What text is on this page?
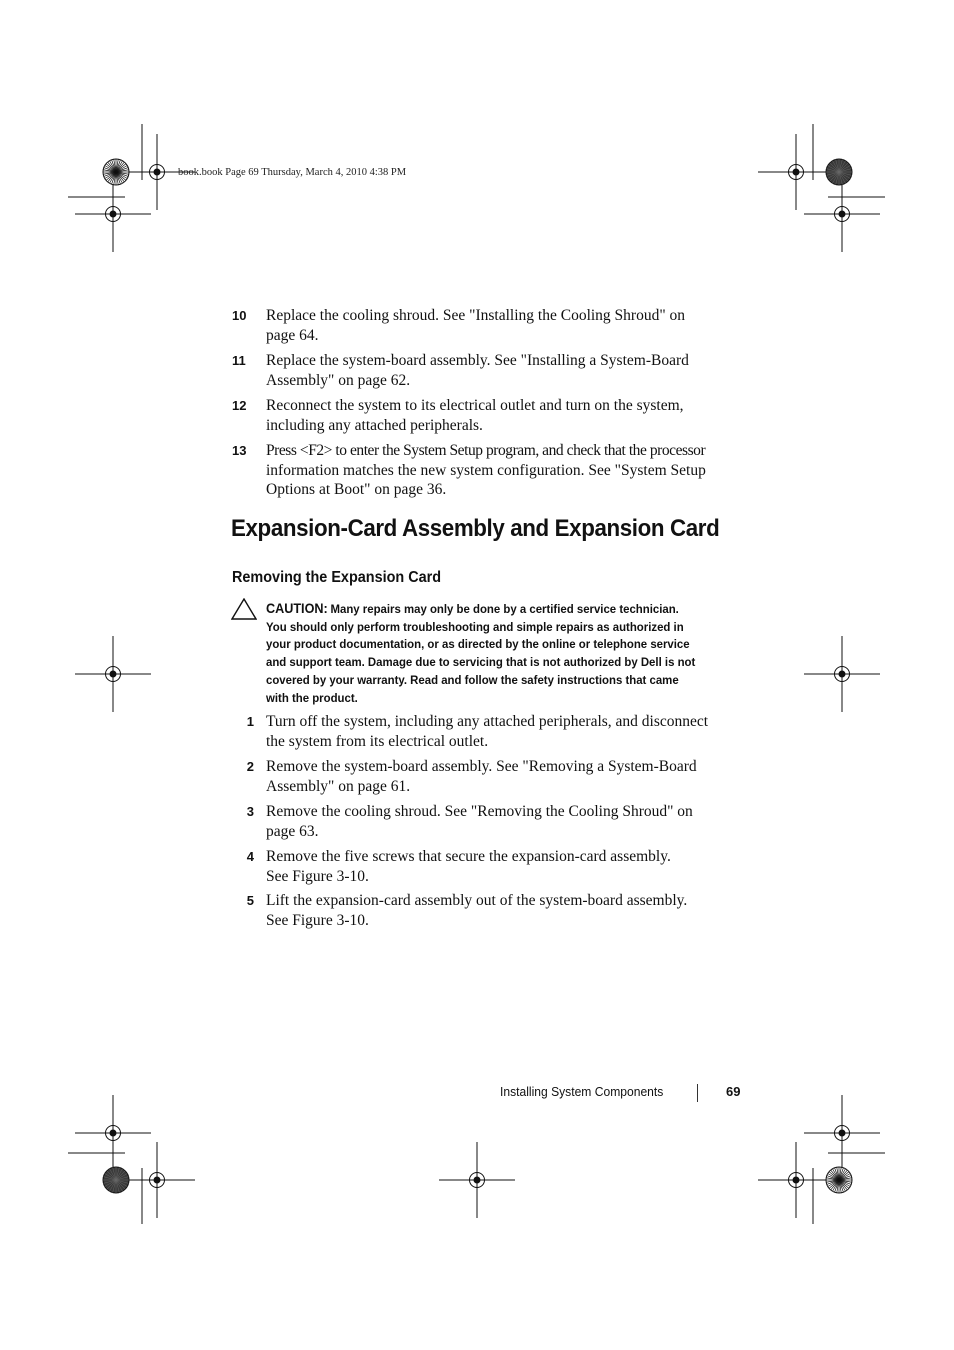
book.book Page 69 Thursday, March 4, 2010 4:38 PM
10 Replace the cooling shroud. See "Installing the Cooling Shroud" on
page 64.
11	Replace the system-board assembly. See "Installing a System-Board
Assembly" on page 62.
12 Reconnect the system to its electrical outlet and turn on the system,
including any attached peripherals.
13 Press <F2> to enter the System Setup program, and check that the processor
information matches the new system configuration. See "System Setup
Options at Boot" on page 36.
Expansion-Card Assembly and Expansion Card
Removing the Expansion Card
CAUTION: Many repairs may only be done by a certified service technician.
You should only perform troubleshooting and simple repairs as authorized in
your product documentation, or as directed by the online or telephone service
and support team. Damage due to servicing that is not authorized by Dell is not
covered by your warranty. Read and follow the safety instructions that came
with the product.
1 Turn off the system, including any attached peripherals, and disconnect
the system from its electrical outlet.
2 Remove the system-board assembly. See "Removing a System-Board
Assembly" on page 61.
3 Remove the cooling shroud. See "Removing the Cooling Shroud" on
page 63.
4 Remove the five screws that secure the expansion-card assembly.
See Figure 3-10.
5 Lift the expansion-card assembly out of the system-board assembly.
See Figure 3-10.
Installing System Components	69
